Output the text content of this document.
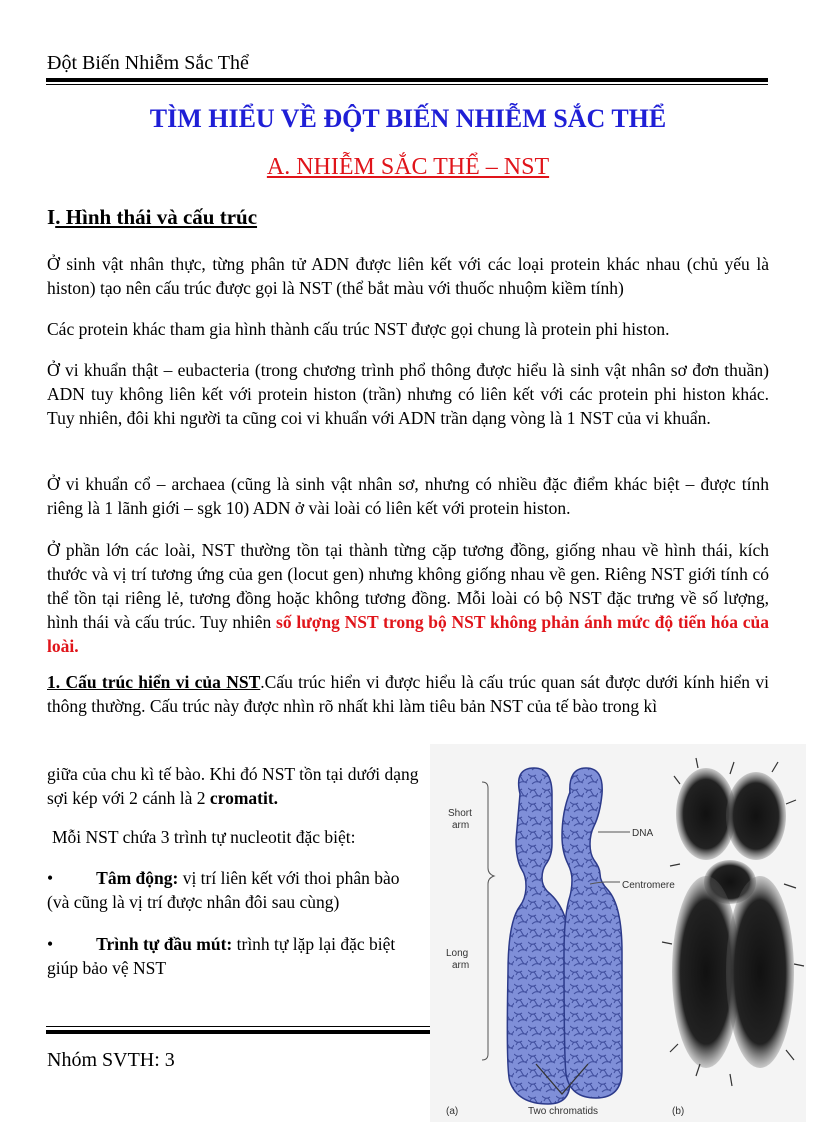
Đột Biến Nhiễm Sắc Thể
TÌM HIỂU VỀ ĐỘT BIẾN NHIỄM SẮC THỂ
A. NHIỄM SẮC THỂ – NST
I. Hình thái và cấu trúc
Ở sinh vật nhân thực, từng phân tử ADN được liên kết với các loại protein khác nhau (chủ yếu là histon) tạo nên cấu trúc được gọi là NST (thể bắt màu với thuốc nhuộm kiềm tính)
Các protein khác tham gia hình thành cấu trúc NST được gọi chung là protein phi histon.
Ở vi khuẩn thật – eubacteria (trong chương trình phổ thông được hiểu là sinh vật nhân sơ đơn thuần) ADN tuy không liên kết với protein histon (trần) nhưng có liên kết với các protein phi histon khác. Tuy nhiên, đôi khi người ta cũng coi vi khuẩn với ADN trần dạng vòng là 1 NST của vi khuẩn.
Ở vi khuẩn cổ – archaea (cũng là sinh vật nhân sơ, nhưng có nhiều đặc điểm khác biệt – được tính riêng là 1 lãnh giới – sgk 10) ADN ở vài loài có liên kết với protein histon.
Ở phần lớn các loài, NST thường tồn tại thành từng cặp tương đồng, giống nhau về hình thái, kích thước và vị trí tương ứng của gen (locut gen) nhưng không giống nhau về gen. Riêng NST giới tính có thể tồn tại riêng lẻ, tương đồng hoặc không tương đồng. Mỗi loài có bộ NST đặc trưng về số lượng, hình thái và cấu trúc. Tuy nhiên số lượng NST trong bộ NST không phản ánh mức độ tiến hóa của loài.
1. Cấu trúc hiển vi của NST.Cấu trúc hiển vi được hiểu là cấu trúc quan sát được dưới kính hiển vi thông thường. Cấu trúc này được nhìn rõ nhất khi làm tiêu bản NST của tế bào trong kì
giữa của chu kì tế bào. Khi đó NST tồn tại dưới dạng sợi kép với 2 cánh là 2 cromatit.
Mỗi NST chứa 3 trình tự nucleotit đặc biệt:
• Tâm động: vị trí liên kết với thoi phân bào (và cũng là vị trí được nhân đôi sau cùng)
• Trình tự đầu mút: trình tự lặp lại đặc biệt giúp bảo vệ NST
Nhóm SVTH: 3
Short
arm
Long
arm
DNA
Centromere
(a)	Two chromatids	(b)
